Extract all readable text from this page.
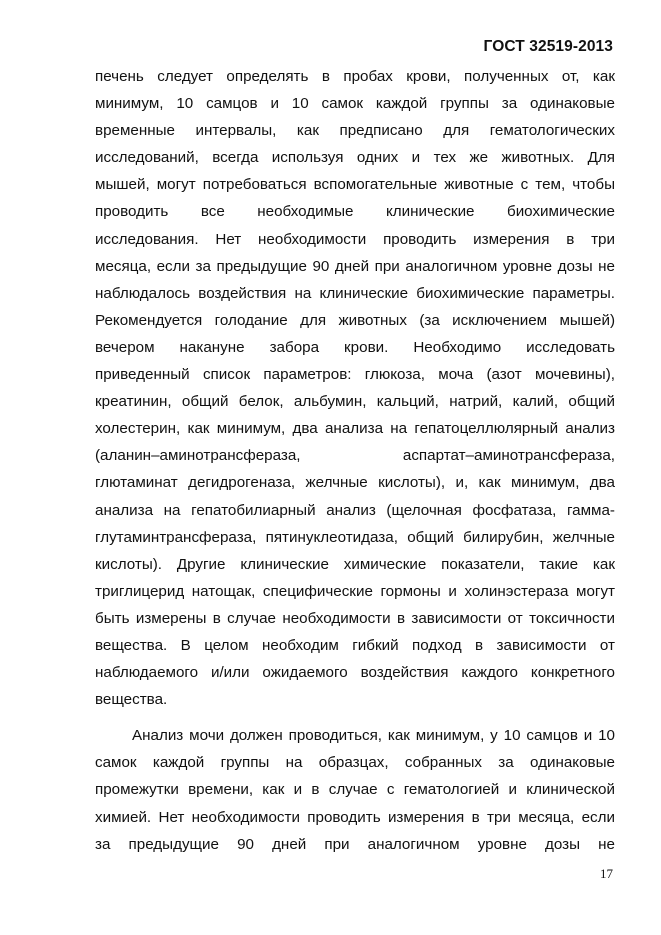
ГОСТ 32519-2013
печень следует определять в пробах крови, полученных от, как
минимум, 10 самцов и 10 самок каждой группы за одинаковые
временные интервалы, как предписано для гематологических
исследований, всегда используя одних и тех же животных. Для
мышей, могут потребоваться вспомогательные животные с тем, чтобы
проводить все необходимые клинические биохимические
исследования. Нет необходимости проводить измерения в три
месяца, если за предыдущие 90 дней при аналогичном уровне дозы не
наблюдалось воздействия на клинические биохимические параметры.
Рекомендуется голодание для животных (за исключением мышей)
вечером накануне забора крови. Необходимо исследовать
приведенный список параметров: глюкоза, моча (азот мочевины),
креатинин, общий белок, альбумин, кальций, натрий, калий, общий
холестерин, как минимум, два анализа на гепатоцеллюлярный анализ
(аланин–аминотрансфераза, аспартат–аминотрансфераза,
глютаминат дегидрогеназа, желчные кислоты), и, как минимум, два
анализа на гепатобилиарный анализ (щелочная фосфатаза, гамма-
глутаминтрансфераза, пятинуклеотидаза, общий билирубин, желчные
кислоты). Другие клинические химические показатели, такие как
триглицерид натощак, специфические гормоны и холинэстераза могут
быть измерены в случае необходимости в зависимости от токсичности
вещества. В целом необходим гибкий подход в зависимости от
наблюдаемого и/или ожидаемого воздействия каждого конкретного
вещества.
Анализ мочи должен проводиться, как минимум, у 10 самцов и 10
самок каждой группы на образцах, собранных за одинаковые
промежутки времени, как и в случае с гематологией и клинической
химией. Нет необходимости проводить измерения в три месяца, если
за предыдущие 90 дней при аналогичном уровне дозы не
17
